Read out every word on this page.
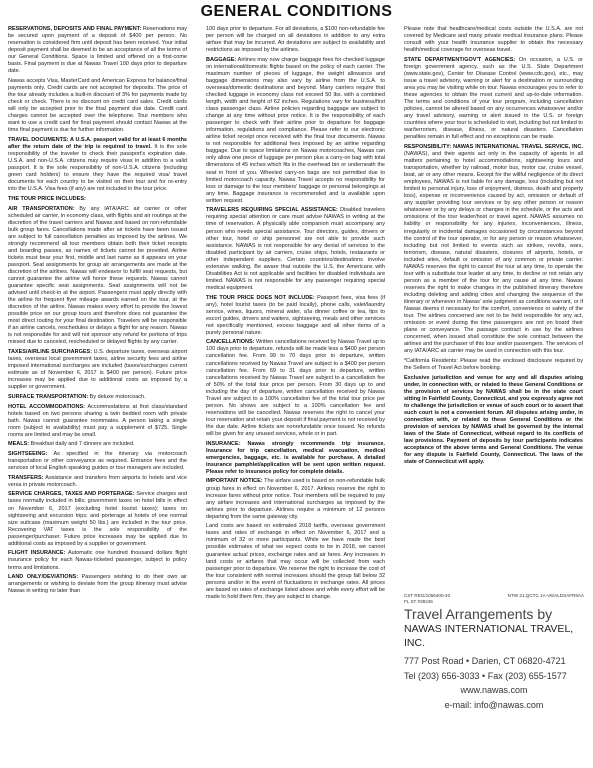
GENERAL CONDITIONS
RESERVATIONS, DEPOSITS AND FINAL PAYMENT: Reservations may be secured upon payment of a deposit of $400 per person. No reservation is considered firm until deposit has been received. Your initial deposit payment shall be deemed to be an acceptance of all the terms of our General Conditions. Space is limited and offered on a first-come basis. Final payment is due at Nawas Travel 100 days prior to departure date.
Nawas accepts Visa, MasterCard and American Express for balance/final payments only. Credit cards are not accepted for deposits. The price of the tour already includes a built-in discount of 3% for payments made by check or check. There is no discount on credit card sales. Credit cards will only be accepted prior to the final payment due date. Credit card charges cannot be accepted over the telephone. Tour members who want to use a credit card for final payment should contact Nawas at the time final payment is due for further information.
TRAVEL DOCUMENTS: A U.S.A. passport valid for at least 6 months after the return date of the trip is required to travel. It is the sole responsibility of the traveler to check their passport's expiration date. U.S.A. and non-U.S.A. citizens may require visas in addition to a valid passport. It is the sole responsibility of non-U.S.A. citizens (including green card holders) to ensure they have the required visa/ travel documents for each country to be visited on their tour and for re-entry into the U.S.A. Visa fees (if any) are not included in the tour price.
THE TOUR PRICE INCLUDES:
AIR TRANSPORTATION: By any IATA/ARC air carrier or other scheduled air carrier, in economy class, with flights and air routings at the discretion of the travel carriers and Nawas and based on non-refundable bulk group fares. Cancellations made after air tickets have been issued are subject to full cancellation penalties as imposed by the airlines. We strongly recommend all tour members obtain both their ticket receipts and boarding passes, as names of tickets cannot be provided. Airline tickets must bear your first, middle and last name as it appears on your passport. Seat assignments for group air arrangements are made at the discretion of the airlines. Nawas will endeavor to fulfill seat requests, but cannot guarantee the airline will honor these requests. Nawas cannot guarantee specific seat assignments. Seat assignments will not be advised until check-in at the airport. Passengers must apply directly with the airline for frequent flyer mileage awards earned on the tour, at the discretion of the airline. Nawas makes every effort to provide the lowest possible price on our group tours and therefore does not guarantee the most direct routing for your final destination. Travelers will be responsible if an airline cancels, reschedules or delays a flight for any reason. Nawas is not responsible for and will not sponsor any refund for portions of trips missed due to canceled, rescheduled or delayed flights by any carrier.
TAXES/AIRLINE SURCHARGES: U.S. departure taxes, overseas airport taxes, overseas local government taxes, airline security fees and airline imposed international surcharges are included (taxes/surcharges current estimate as of November 6, 2017 is $400 per person). Future price increases may be applied due to additional costs as imposed by a supplier or government.
SURFACE TRANSPORTATION: By deluxe motorcoach.
HOTEL ACCOMMODATIONS: Accommodations at first class/standard hotels based on two persons sharing a twin bedded room with private bath. Nawas cannot guarantee roommates. A person taking a single room (subject to availability) must pay a supplement of $725. Single rooms are limited and may be small.
MEALS: Breakfast daily and 7 dinners are included.
SIGHTSEEING: As specified in the itinerary via motorcoach transportation or other conveyance as required. Entrance fees and the services of local English speaking guides or tour managers are included.
TRANSFERS: Assistance and transfers from airports to hotels and vice versa in private motorcoach.
SERVICE CHARGES, TAXES AND PORTERAGE: Service charges and taxes normally included in bills; government taxes on hotel bills in effect on November 6, 2017 (excluding hotel tourist taxes); taxes on sightseeing and excursion trips; and porterage at hotels of one normal size suitcase (maximum weight 50 lbs.) are included in the tour price. Recovering VAT taxes is the sole responsibility of the passenger/purchaser. Future price increases may be applied due to additional costs as imposed by a supplier or government.
FLIGHT INSURANCE: Automatic one hundred thousand dollars flight insurance policy for each Nawas-ticketed passenger, subject to policy terms and limitations.
LAND ONLY/DEVIATIONS: Passengers wishing to do their own air arrangements or wishing to deviate from the group itinerary must advise Nawas in writing no later than
100 days prior to departure. For all deviations, a $100 non-refundable fee per person will be charged on all deviations in addition to any extra airfare that may be incurred. Air deviations are subject to availability and restrictions as imposed by the airlines.
BAGGAGE: Airlines may now charge baggage fees for checked luggage on international/domestic flights based on the policy of each carrier. The maximum number of pieces of luggage, the weight allowance and baggage dimensions may also vary by airline from the U.S.A. to overseas/domestic destinations and beyond. Many carriers require that checked luggage in economy class not exceed 50 lbs. with a combined length, width and height of 62 inches. Regulations vary for business/first class passenger class. Airline policies regarding baggage are subject to change at any time without prior notice. It is the responsibility of each passenger to check with their airline prior to departure for baggage information, regulations and compliance. Please refer to our electronic airline ticket receipt once received with the final tour documents. Nawas is not responsible for additional fees imposed by an airline regarding baggage. Due to space limitations on Nawas motorcoaches, Nawas can only allow one piece of luggage per person plus a carry-on bag with total dimensions of 45 inches which fits in the overhead bin or underneath the seat in front of you. Wheeled carry-on bags are not permitted due to limited motorcoach capacity. Nawas Travel accepts no responsibility for loss or damage to the tour members' baggage or personal belongings at any time. Baggage insurance is recommended and is available upon written request.
TRAVELERS REQUIRING SPECIAL ASSISTANCE: Disabled travelers requiring special attention or care must advise NAWAS in writing at the time of reservation. A physically able companion must accompany any person who needs special assistance. Tour directors, guides, drivers or other tour, hotel or ship personnel are not able to provide such assistance. NAWAS is not responsible for any denial of services to the disabled participant by air carriers, cruise ships, hotels, restaurants or other independent suppliers. Certain countries/destinations involve extensive walking. Be aware that outside the U.S. the Americans with Disabilities Act is not applicable and facilities for disabled individuals are limited. NAWAS is not responsible for any passenger requiring special medical equipment.
THE TOUR PRICE DOES NOT INCLUDE: Passport fees, visa fees (if any), hotel tourist taxes (to be paid locally), phone calls, valet/laundry service, wines, liquors, mineral water, a'la dinner coffee or tea, tips to escort guides, drivers and waiters, sightseeing, meals and other services not specifically mentioned, excess baggage and all other items of a purely personal nature.
CANCELLATIONS: Written cancellations received by Nawas Travel up to 100 days prior to departure, refunds will be made less a $400 per person cancellation fee. From 99 to 70 days prior to departure, written cancellations received by Nawas Travel are subject to a $400 per person cancellation fee. From 69 to 31 days prior to departure, written cancellations received by Nawas Travel are subject to a cancellation fee of 50% of the total tour price per person. From 30 days up to and including the day of departure, written cancellation received by Nawas Travel are subject to a 100% cancellation fee of the total tour price per person. No shows are subject to a 100% cancellation fee and reservations will be cancelled. Nawas reserves the right to cancel your tour reservation and retain your deposit if final payment is not received by the due date. Airline tickets are nonrefundable once issued. No refunds will be given for any unused services, whole or in part.
INSURANCE: Nawas strongly recommends trip insurance. Insurance for trip cancellation, medical evacuation, medical emergencies, baggage, etc. is available for purchase. A detailed insurance pamphlet/application will be sent upon written request. Please refer to insurance policy for complete details.
IMPORTANT NOTICE: The airfare used is based on non-refundable bulk group fares in effect on November 6, 2017. Airlines reserve the right to increase fares without prior notice. Tour members will be required to pay any airfare increases and international surcharges as imposed by the airlines prior to departure. Airlines require a minimum of 12 persons departing from the same gateway city.
Land costs are based on estimated 2018 tariffs, overseas government taxes and rates of exchange in effect on November 6, 2017 and a minimum of 32 or more participants. While we have made the best possible estimates of what we expect costs to be in 2018, we cannot guarantee actual prices, exchange rates and air fares. Any increases in land costs or airfares that may occur will be collected from each passenger prior to departure. We reserve the right to increase the cost of the tour consistent with normal increases should the group fall below 32 persons and/or in the event of fluctuations in exchange rates. All prices are based on rates of exchange listed above and while every effort will be made to hold them firm, they are subject to change.
Please note that healthcare/medical costs outside the U.S.A. are not covered by Medicare and many private medical insurance plans. Please consult with your health insurance supplier to obtain the necessary health/medical coverage for overseas travel.
STATE DEPARTMENT/GOV'T AGENCIES: On occasion, a U.S. or foreign government agency, such as the U.S. State Department (www.state.gov), Center for Disease Control (www.cdc.gov), etc., may issue a travel advisory, warning or alert for a destination or surrounding area you may be visiting while on tour. Nawas encourages you to refer to these agencies to obtain the most current and up-to-date information. The terms and conditions of your tour program, including cancellation policies, cannot be altered based on any occurrences whatsoever and/or any travel advisory, warning or alert issued in the U.S. or foreign countries where your tour is scheduled to visit, including but not limited to war/terrorism, disease, illness, or natural disasters. Cancellation penalties remain in full effect and no exceptions can be made.
RESPONSIBILITY: NAWAS INTERNATIONAL TRAVEL SERVICE, INC. (NAWAS), and their agents act only in the capacity of agents in all matters pertaining to hotel accommodations, sightseeing tours and transportation, whether by railroad, motor bus, motor car, cruise vessel, boat, air or any other means. Except for the willful negligence of its direct employees, NAWAS is not liable for any damage, loss (including but not limited to personal injury, loss of enjoyment, distress, death and property loss), expense or inconvenience caused by act, omission or default of any supplier providing tour services or by any other person or reason whatsoever or by any delays or changes in the schedule, or the acts and omissions of the tour leader/host or travel agent. NAWAS assumes no liability or responsibility for any injuries, inconveniences, illness, irregularity or incidental damages occasioned by circumstances beyond the control of the tour operator, or for any person or reason whatsoever, including but not limited to events such as strikes, revolts, wars, terrorism, disease, natural disasters, closures of airports, hotels, or included sites, default or omission of any common or private carrier. NAWAS reserves the right to cancel the tour at any time, to operate the tour with a substitute tour leader at any time, to decline or not retain any person as a member of the tour for any cause at any time. Nawas reserves the right to make changes in the published itinerary therefore including deleting and adding cities and changing the sequence of the itinerary or whenever in Nawas' sole judgment as conditions warrant, or if Nawas deems it necessary for the comfort, convenience or safety of the tour. The airlines concerned are not to be held responsible for any act, omission or event during the time passengers are not on board their plane or conveyance. The passage contract in use by the airlines concerned, when issued shall constitute the sole contract between the airlines and the purchaser of this tour and/or passengers. The services of any IATA/ARC air carrier may be used in connection with this tour.
*California Residents: Please read the enclosed disclosure required by the Sellers of Travel Act before booking.
Exclusive jurisdiction and venue for any and all disputes arising under, in connection with, or related to these General Conditions or the provision of services by NAWAS shall be in the state court sitting in Fairfield County, Connecticut, and you expressly agree not to challenge the jurisdiction or venue of such court or to assert that such court is not a convenient forum. All disputes arising under, in connection with, or related to these General Conditions or the provision of services by NAWAS shall be governed by the internal laws of the State of Connecticut, without regard to its conflicts of law provisions. Payment of deposits by tour participants indicates acceptance of the above terms and General Conditions. The venue for any dispute is Fairfield County, Connecticut. The laws of the state of Connecticut will apply.
CST REG/1056400-40
FL ST #38246
NTW 21.QCTC 1A-V6/ALDSAFR8AA
Travel Arrangements by
NAWAS INTERNATIONAL TRAVEL, INC.
777 Post Road • Darien, CT 06820-4721
Tel (203) 656-3033 • Fax (203) 655-1577
www.nawas.com
e-mail: info@nawas.com
